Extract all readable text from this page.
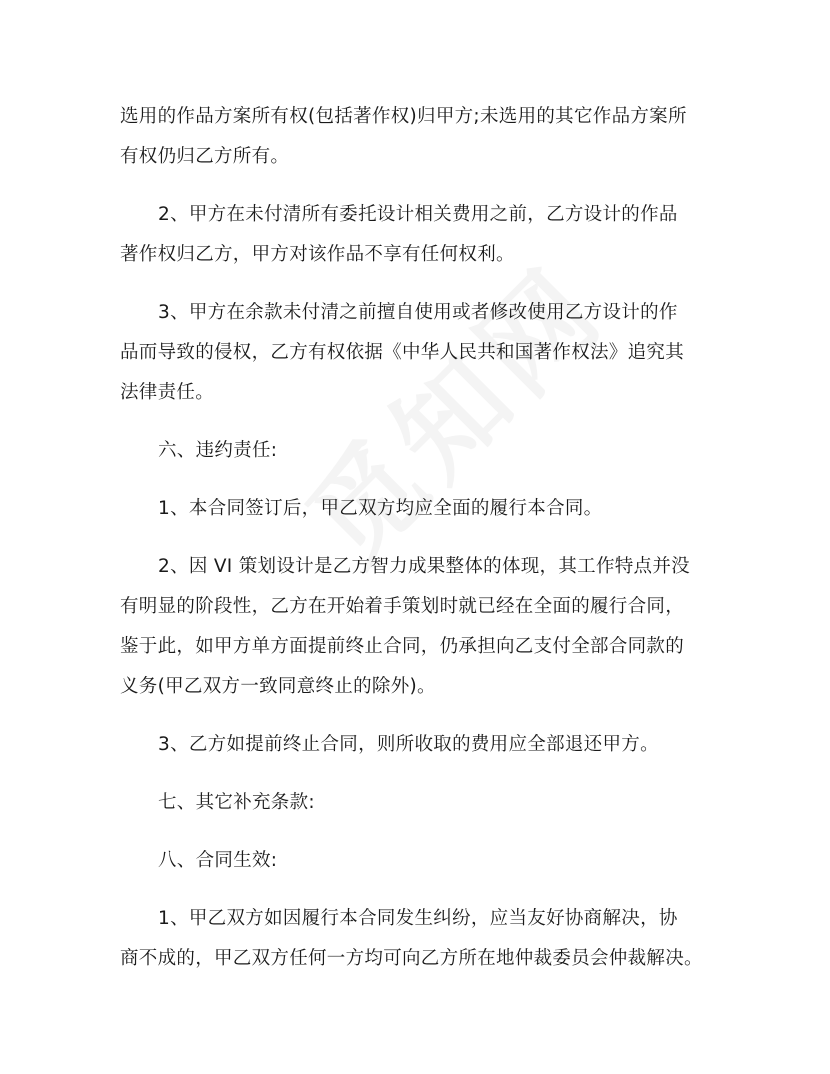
选用的作品方案所有权(包括著作权)归甲方;未选用的其它作品方案所
有权仍归乙方所有。
2、甲方在未付清所有委托设计相关费用之前，乙方设计的作品
著作权归乙方，甲方对该作品不享有任何权利。
3、甲方在余款未付清之前擅自使用或者修改使用乙方设计的作
品而导致的侵权，乙方有权依据《中华人民共和国著作权法》追究其
法律责任。
六、违约责任:
1、本合同签订后，甲乙双方均应全面的履行本合同。
2、因 VI 策划设计是乙方智力成果整体的体现，其工作特点并没
有明显的阶段性，乙方在开始着手策划时就已经在全面的履行合同，
鉴于此，如甲方单方面提前终止合同，仍承担向乙支付全部合同款的
义务(甲乙双方一致同意终止的除外)。
3、乙方如提前终止合同，则所收取的费用应全部退还甲方。
七、其它补充条款:
八、合同生效:
1、甲乙双方如因履行本合同发生纠纷，应当友好协商解决，协
商不成的，甲乙双方任何一方均可向乙方所在地仲裁委员会仲裁解决。
